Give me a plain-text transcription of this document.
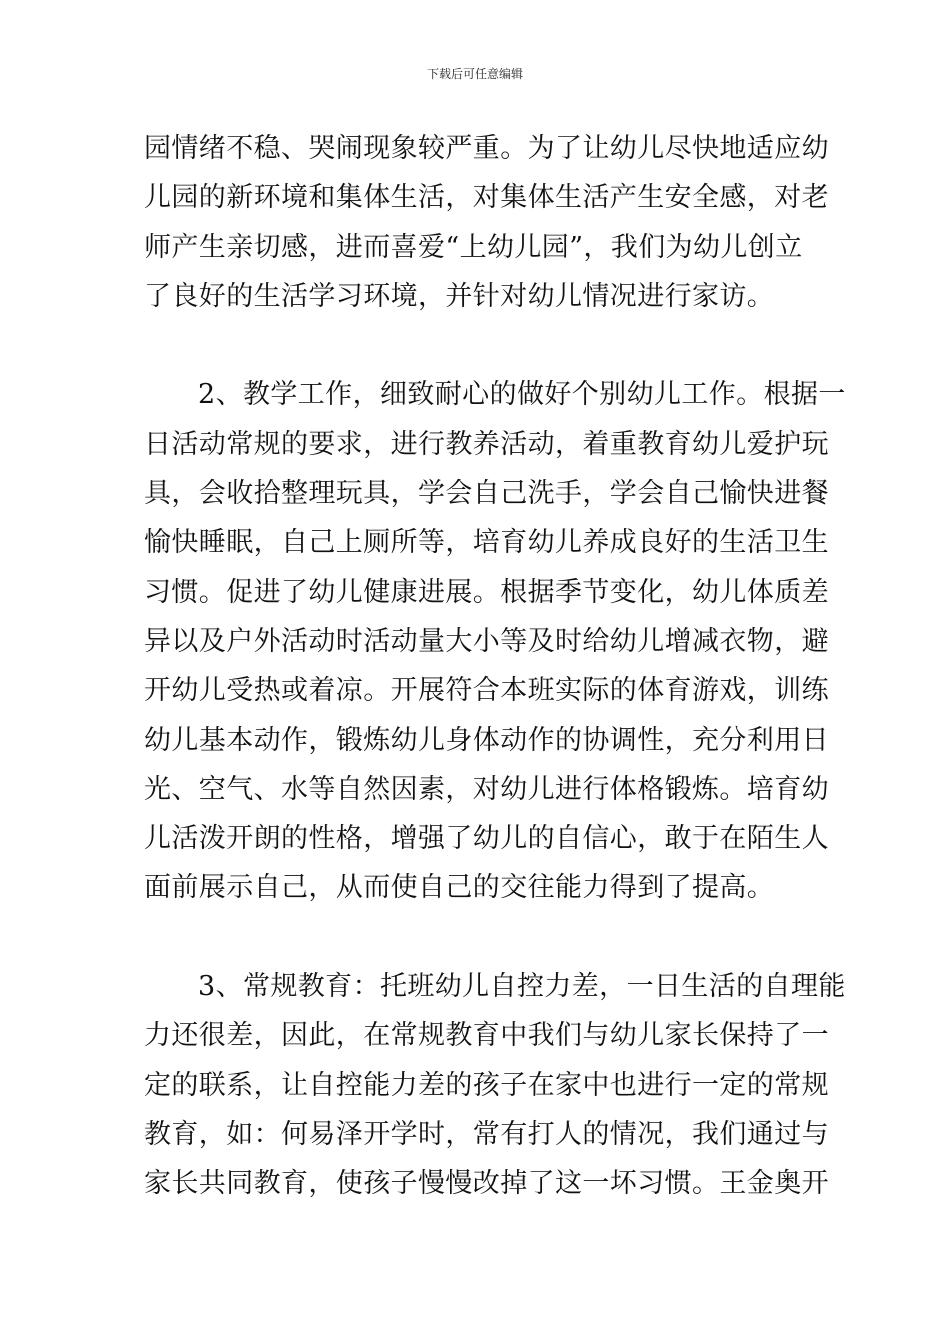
下载后可任意编辑
园情绪不稳、哭闹现象较严重。为了让幼儿尽快地适应幼
儿园的新环境和集体生活，对集体生活产生安全感，对老
师产生亲切感，进而喜爱“上幼儿园”，我们为幼儿创立
了良好的生活学习环境，并针对幼儿情况进行家访。
2、教学工作，细致耐心的做好个别幼儿工作。根据一
日活动常规的要求，进行教养活动，着重教育幼儿爱护玩
具，会收拾整理玩具，学会自己洗手，学会自己愉快进餐
愉快睡眠，自己上厕所等，培育幼儿养成良好的生活卫生
习惯。促进了幼儿健康进展。根据季节变化，幼儿体质差
异以及户外活动时活动量大小等及时给幼儿增减衣物，避
开幼儿受热或着凉。开展符合本班实际的体育游戏，训练
幼儿基本动作，锻炼幼儿身体动作的协调性，充分利用日
光、空气、水等自然因素，对幼儿进行体格锻炼。培育幼
儿活泼开朗的性格，增强了幼儿的自信心，敢于在陌生人
面前展示自己，从而使自己的交往能力得到了提高。
3、常规教育：托班幼儿自控力差，一日生活的自理能
力还很差，因此，在常规教育中我们与幼儿家长保持了一
定的联系，让自控能力差的孩子在家中也进行一定的常规
教育，如：何易泽开学时，常有打人的情况，我们通过与
家长共同教育，使孩子慢慢改掉了这一坏习惯。王金奥开
